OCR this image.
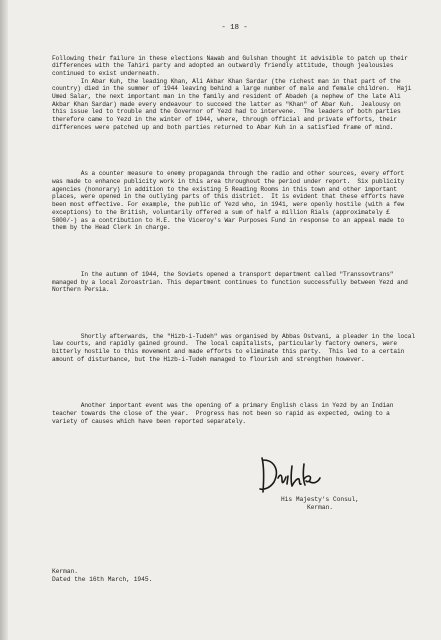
- 18 -

Following their failure in these elections Nawab and Gulshan thought it advisible to patch up their differences with the Tahiri party and adopted an outwardly friendly attitude, though jealousies continued to exist underneath.
In Abar Kuh, the leading Khan, Ali Akbar Khan Sardar (the richest man in that part of the country) died in the summer of 1944 leaving behind a large number of male and female children.  Haji Umed Salar, the next important man in the family and resident of Abadeh (a nephew of the late Ali Akbar Khan Sardar) made every endeavour to succeed the latter as "Khan" of Abar Kuh.  Jealousy on this issue led to trouble and the Governor of Yezd had to intervene.  The leaders of both parties therefore came to Yezd in the winter of 1944, where, through official and private efforts, their differences were patched up and both parties returned to Abar Kuh in a satisfied frame of mind.

As a counter measure to enemy propaganda through the radio and other sources, every effort was made to enhance publicity work in this area throughout the period under report.  Six publicity agencies (honorary) in addition to the existing 5 Reading Rooms in this town and other important places, were opened in the outlying parts of this district.  It is evident that these efforts have been most effective. For example, the public of Yezd who, in 1941, were openly hostile (with a few exceptions) to the British, voluntarily offered a sum of half a million Rials (approximately £ 5000/-) as a contribution to H.E. the Viceroy's War Purposes Fund in response to an appeal made to them by the Head Clerk in charge.

In the autumn of 1944, the Soviets opened a transport department called "Transsovtrans" managed by a local Zoroastrian. This department continues to function successfully between Yezd and Northern Persia.

Shortly afterwards, the "Hizb-i-Tudeh" was organised by Abbas Ostvani, a pleader in the local law courts, and rapidly gained ground.  The local capitalists, particularly factory owners, were bitterly hostile to this movement and made efforts to eliminate this party.  This led to a certain amount of disturbance, but the Hizb-i-Tudeh managed to flourish and strengthen however.

Another important event was the opening of a primary English class in Yezd by an Indian teacher towards the close of the year.  Progress has not been so rapid as expected, owing to a variety of causes which have been reported separately.

His Majesty's Consul,
Kerman.
Kerman.
Dated the 16th March, 1945.
